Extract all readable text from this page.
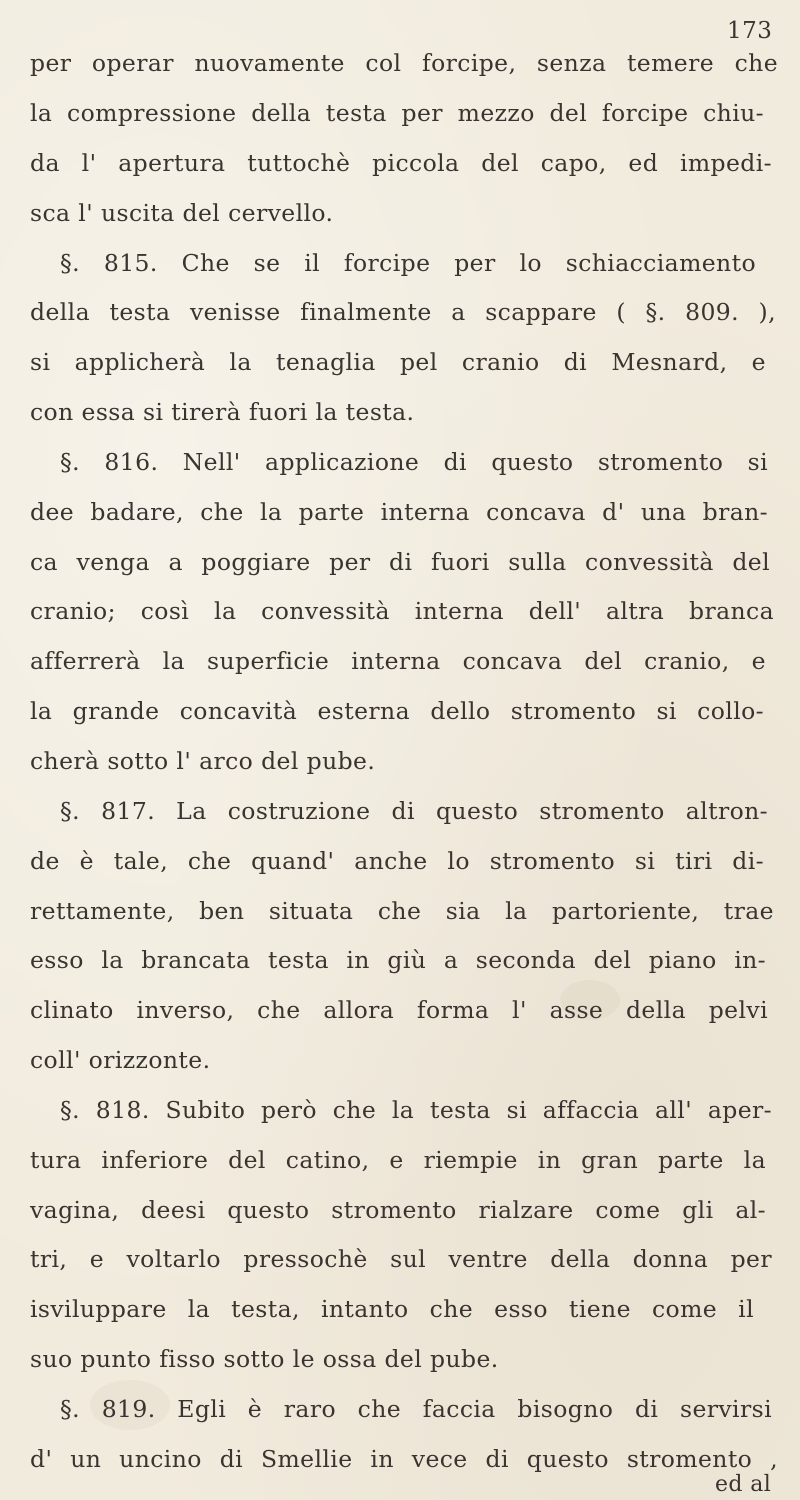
173
per operar nuovamente col forcipe, senza temere che
la compressione della testa per mezzo del forcipe chiu-
da l' apertura tuttochè piccola del capo, ed impedi-
sca l' uscita del cervello.
§. 815. Che se il forcipe per lo schiacciamento
della testa venisse finalmente a scappare ( §. 809. ),
si applicherà la tenaglia pel cranio di Mesnard, e
con essa si tirerà fuori la testa.
§. 816. Nell' applicazione di questo stromento si
dee badare, che la parte interna concava d' una bran-
ca venga a poggiare per di fuori sulla convessità del
cranio; così la convessità interna dell' altra branca
afferrerà la superficie interna concava del cranio, e
la grande concavità esterna dello stromento si collo-
cherà sotto l' arco del pube.
§. 817. La costruzione di questo stromento altron-
de è tale, che quand' anche lo stromento si tiri di-
rettamente, ben situata che sia la partoriente, trae
esso la brancata testa in giù a seconda del piano in-
clinato inverso, che allora forma l' asse della pelvi
coll' orizzonte.
§. 818. Subito però che la testa si affaccia all' aper-
tura inferiore del catino, e riempie in gran parte la
vagina, deesi questo stromento rialzare come gli al-
tri, e voltarlo pressochè sul ventre della donna per
isviluppare la testa, intanto che esso tiene come il
suo punto fisso sotto le ossa del pube.
§. 819. Egli è raro che faccia bisogno di servirsi
d' un uncino di Smellie in vece di questo stromento ,
ed al
